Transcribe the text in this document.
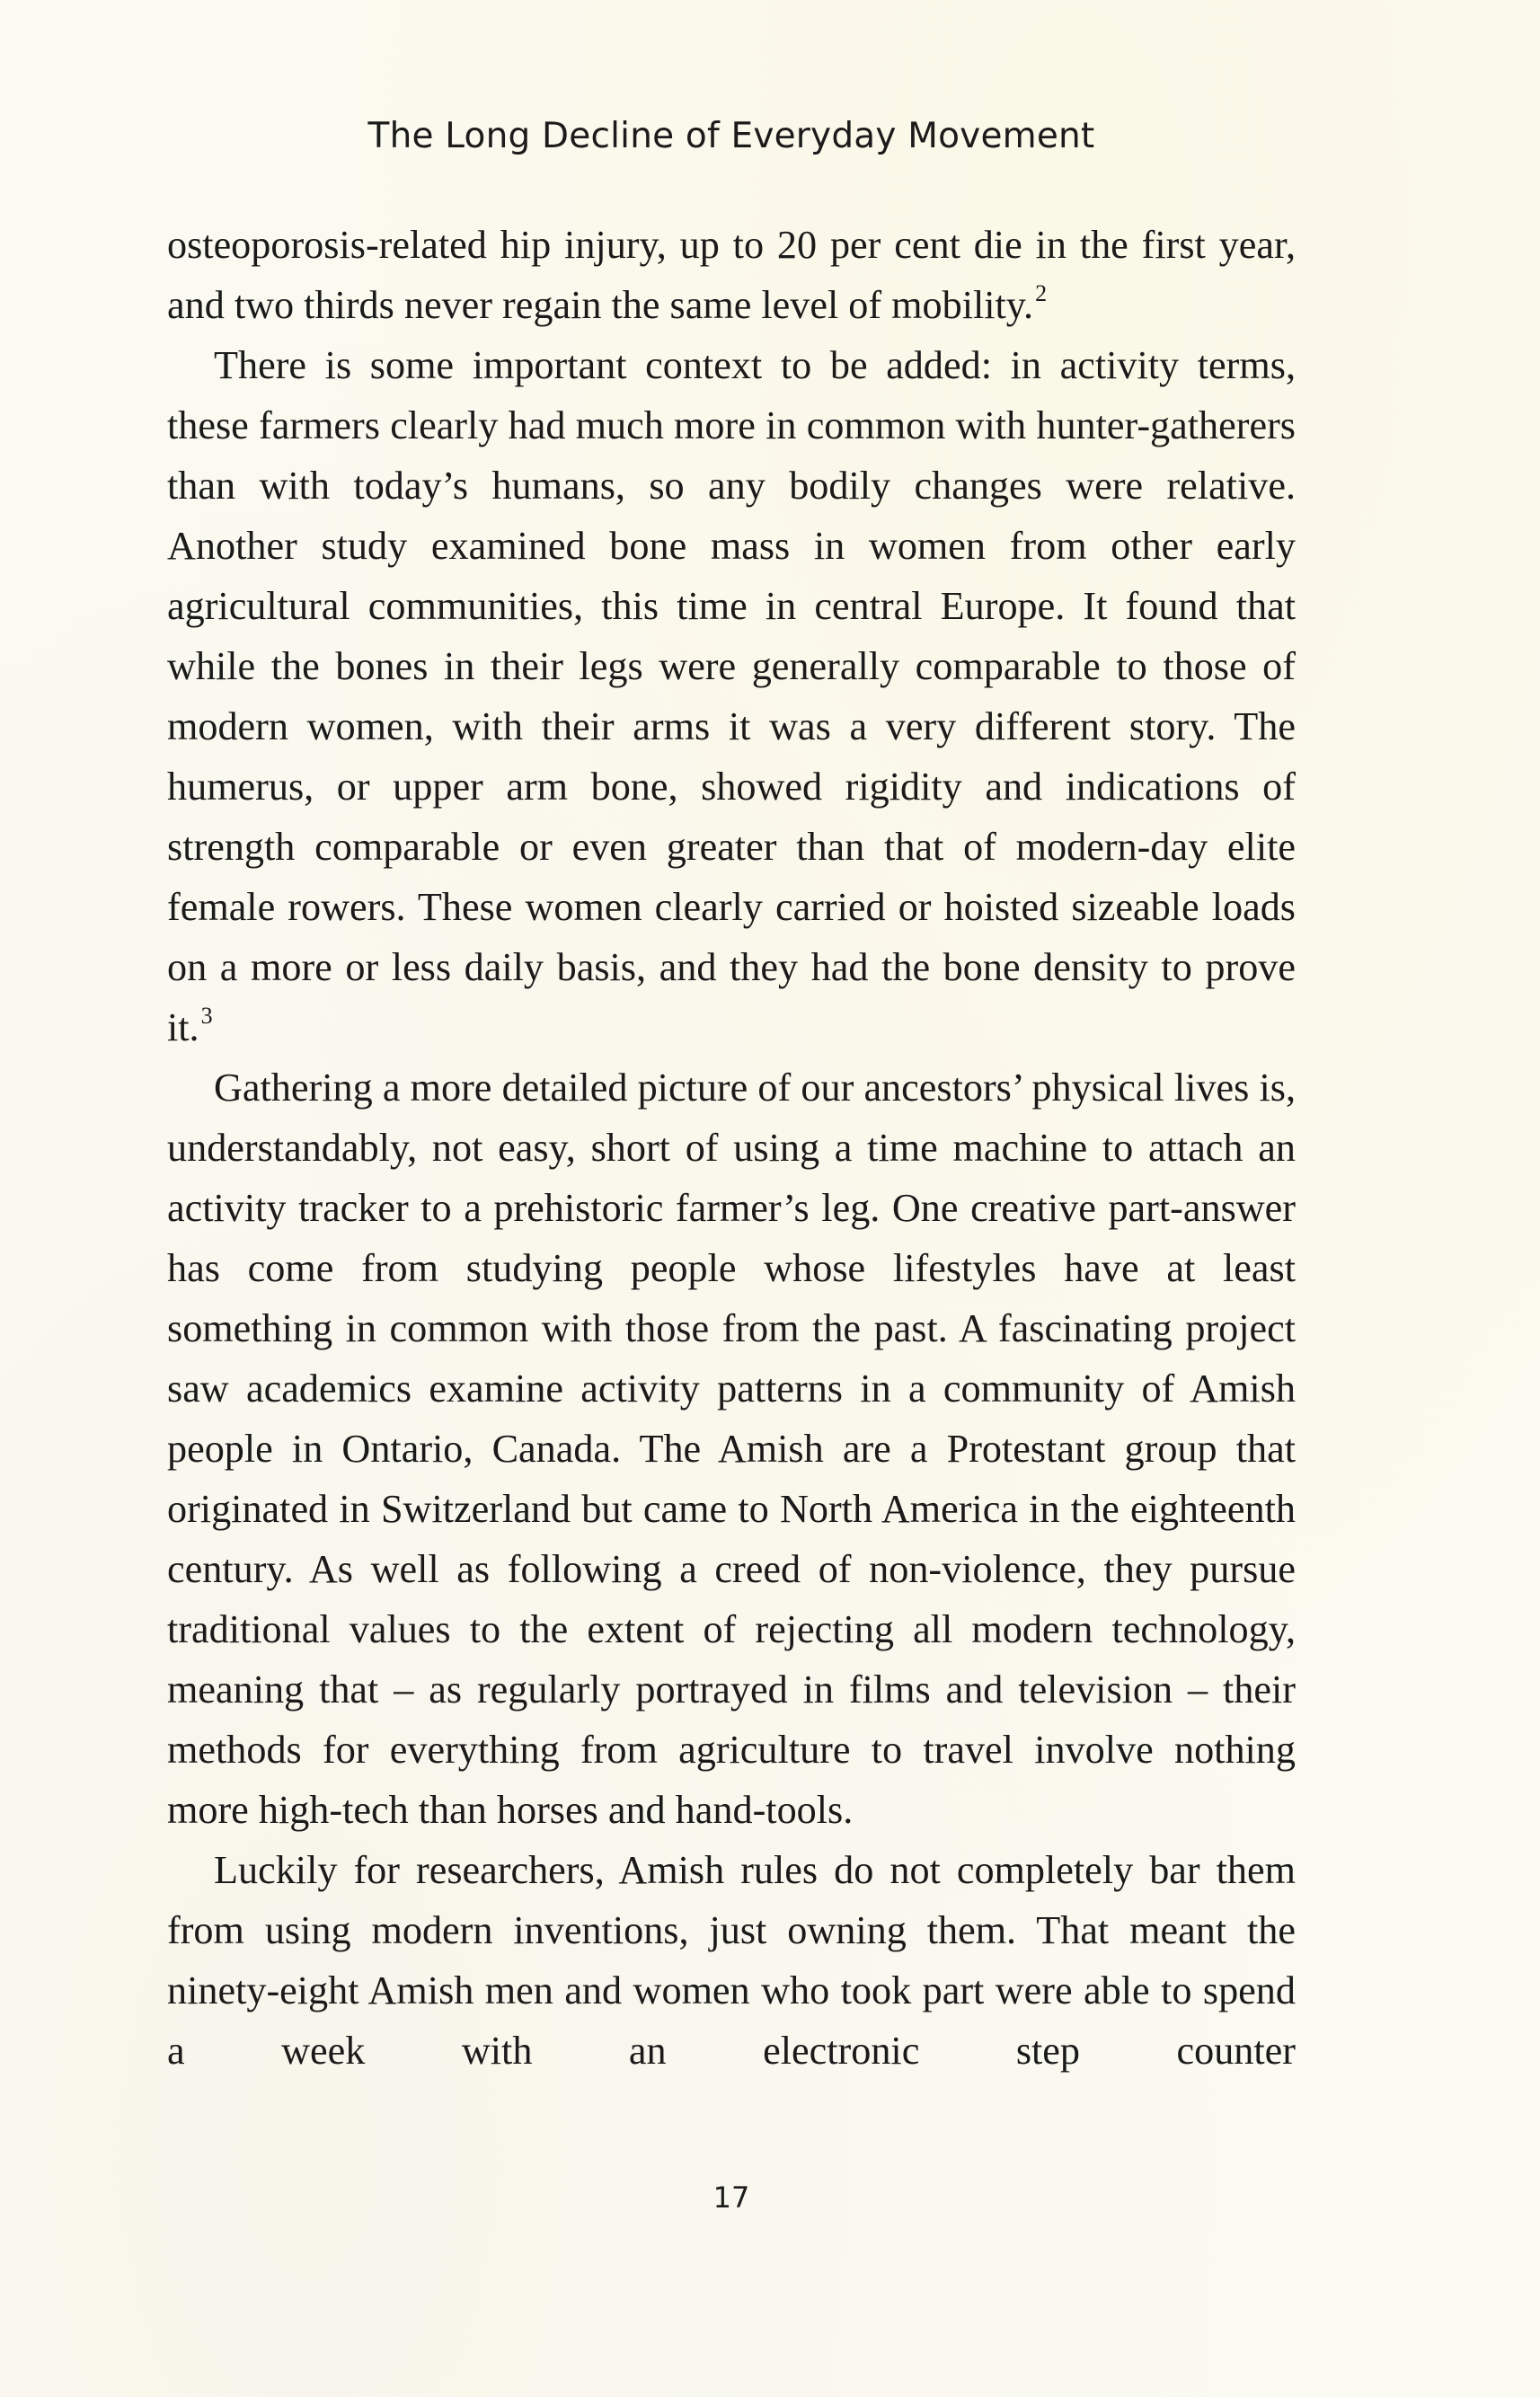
The Long Decline of Everyday Movement

osteoporosis-related hip injury, up to 20 per cent die in the first year, and two thirds never regain the same level of mobility.$^2$

There is some important context to be added: in activity terms, these farmers clearly had much more in common with hunter-gatherers than with today’s humans, so any bodily changes were relative. Another study examined bone mass in women from other early agricultural communities, this time in central Europe. It found that while the bones in their legs were generally comparable to those of modern women, with their arms it was a very different story. The humerus, or upper arm bone, showed rigidity and indications of strength comparable or even greater than that of modern-day elite female rowers. These women clearly carried or hoisted sizeable loads on a more or less daily basis, and they had the bone density to prove it.$^3$

Gathering a more detailed picture of our ancestors’ physical lives is, understandably, not easy, short of using a time machine to attach an activity tracker to a prehistoric farmer’s leg. One creative part-answer has come from studying people whose lifestyles have at least something in common with those from the past. A fascinating project saw academics examine activity patterns in a community of Amish people in Ontario, Canada. The Amish are a Protestant group that originated in Switzerland but came to North America in the eighteenth century. As well as following a creed of non-violence, they pursue traditional values to the extent of rejecting all modern technology, meaning that – as regularly portrayed in films and television – their methods for everything from agriculture to travel involve nothing more high-tech than horses and hand-tools.

Luckily for researchers, Amish rules do not completely bar them from using modern inventions, just owning them. That meant the ninety-eight Amish men and women who took part were able to spend a week with an electronic step counter

17
